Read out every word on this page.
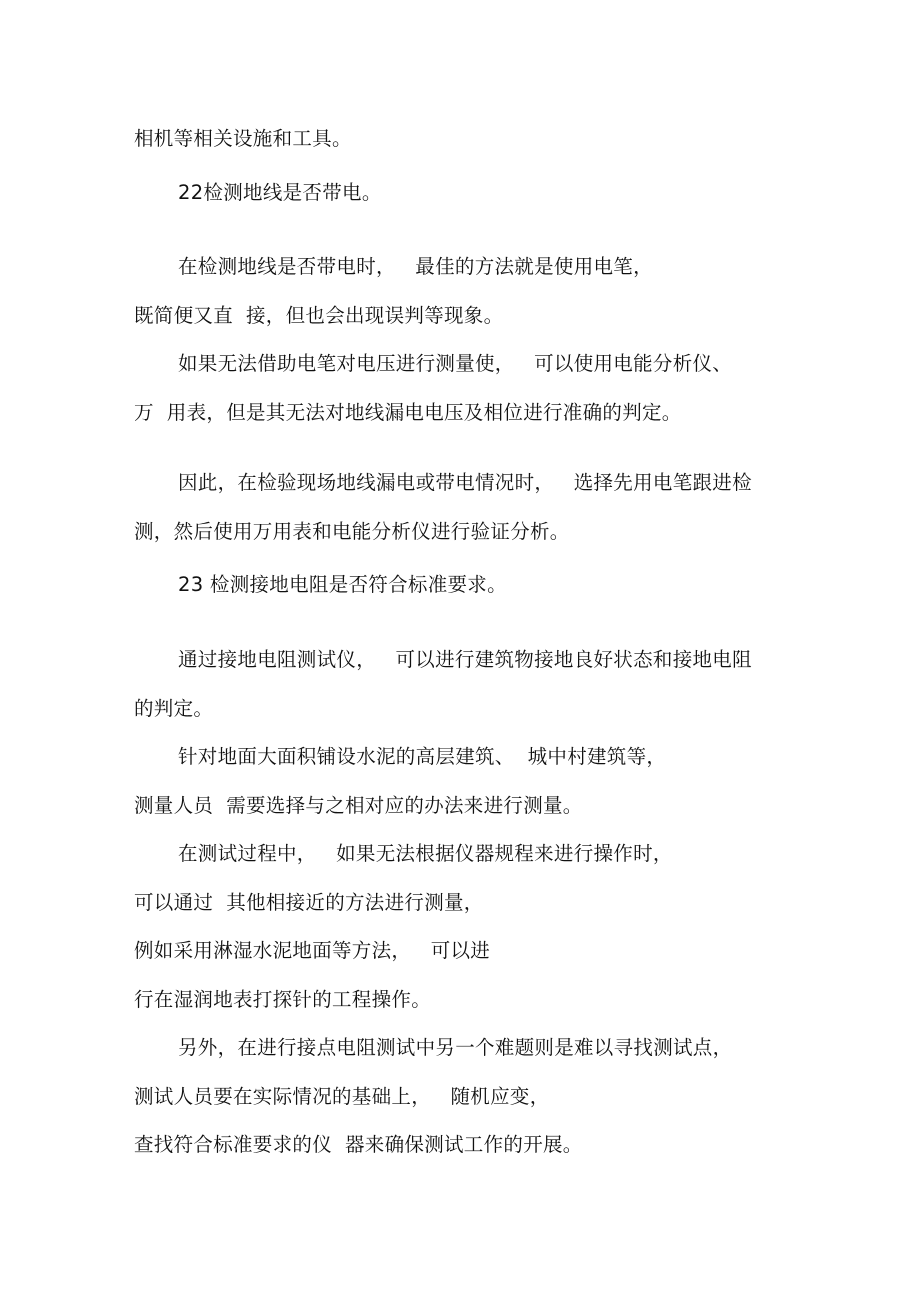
相机等相关设施和工具。
22检测地线是否带电。
在检测地线是否带电时，   最佳的方法就是使用电笔，
既简便又直  接，但也会出现误判等现象。
如果无法借助电笔对电压进行测量使，   可以使用电能分析仪、
万  用表，但是其无法对地线漏电电压及相位进行准确的判定。
因此，在检验现场地线漏电或带电情况时，   选择先用电笔跟进检
测，然后使用万用表和电能分析仪进行验证分析。
23 检测接地电阻是否符合标准要求。
通过接地电阻测试仪，   可以进行建筑物接地良好状态和接地电阻
的判定。
针对地面大面积铺设水泥的高层建筑、  城中村建筑等，
测量人员  需要选择与之相对应的办法来进行测量。
在测试过程中，   如果无法根据仪器规程来进行操作时，
可以通过  其他相接近的方法进行测量，
例如采用淋湿水泥地面等方法，   可以进
行在湿润地表打探针的工程操作。
另外，在进行接点电阻测试中另一个难题则是难以寻找测试点，
测试人员要在实际情况的基础上，   随机应变，
查找符合标准要求的仪  器来确保测试工作的开展。
